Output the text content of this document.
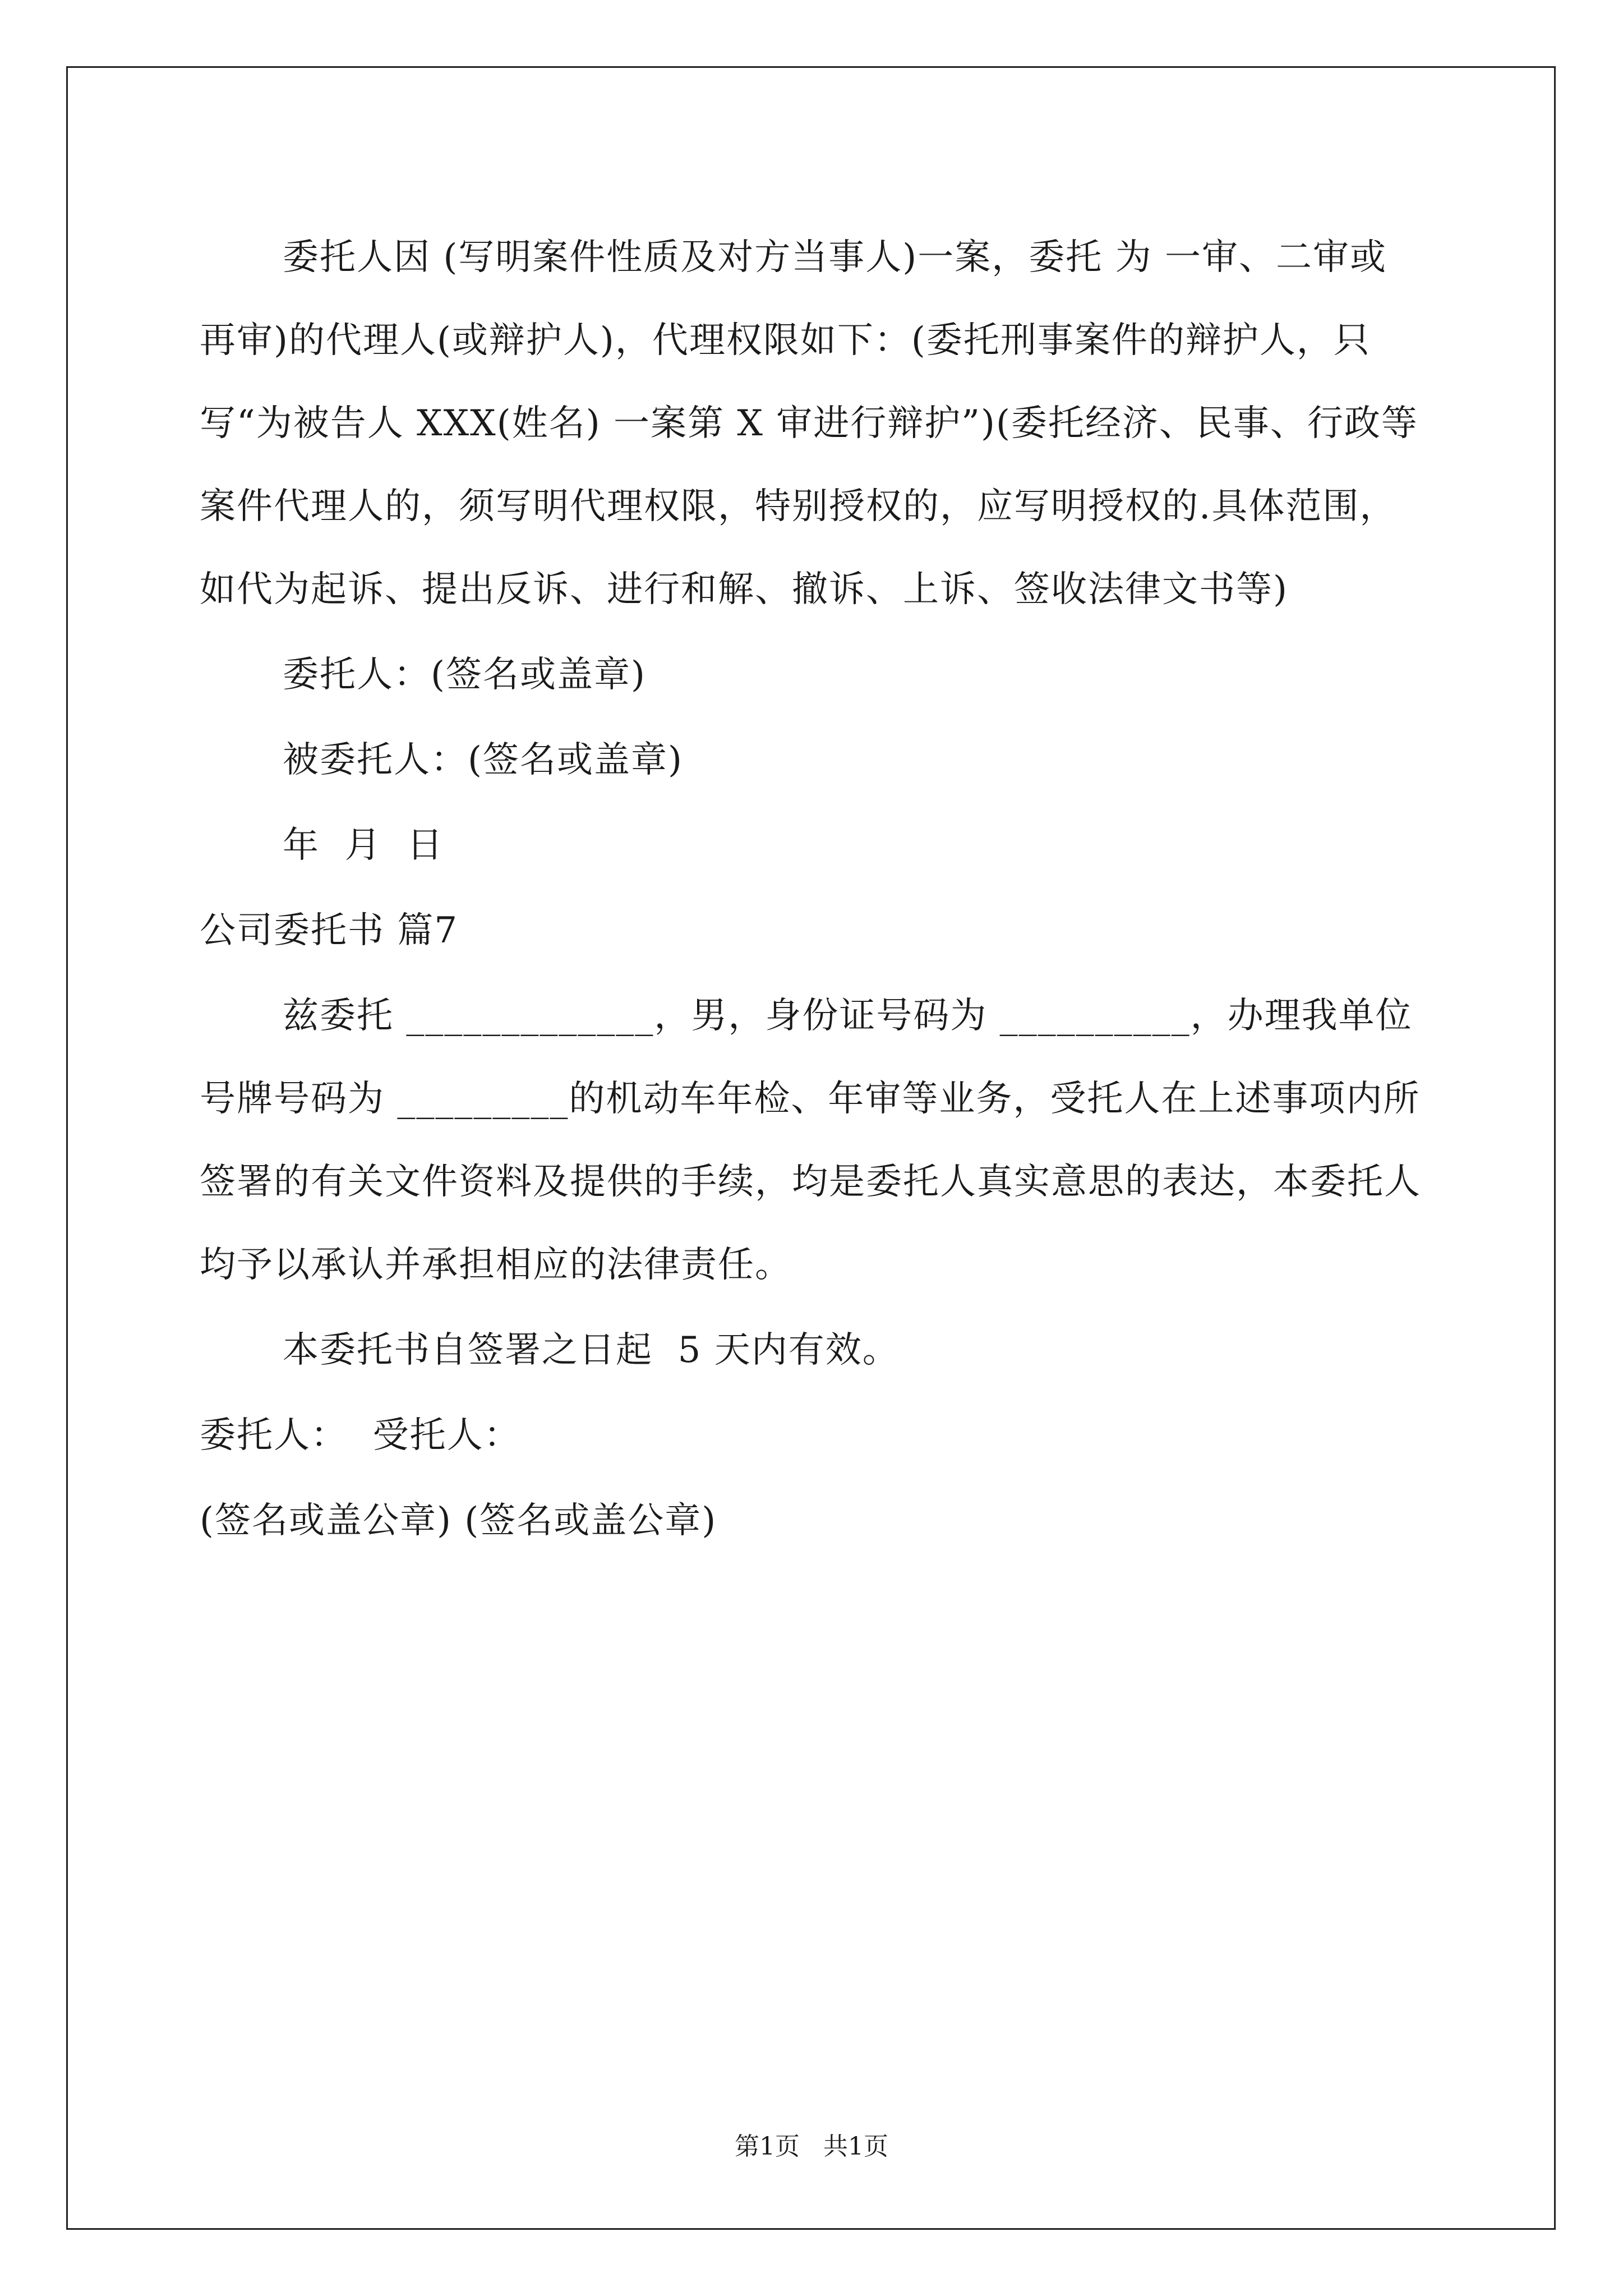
委托人因 (写明案件性质及对方当事人)一案，委托 为 一审、二审或再审)的代理人(或辩护人)，代理权限如下：(委托刑事案件的辩护人，只写“为被告人 XXX(姓名) 一案第 X 审进行辩护”)(委托经济、民事、行政等案件代理人的，须写明代理权限，特别授权的，应写明授权的.具体范围，如代为起诉、提出反诉、进行和解、撤诉、上诉、签收法律文书等)

委托人：(签名或盖章)

被委托人：(签名或盖章)

年  月  日

公司委托书 篇7

兹委托 _____________，男，身份证号码为 __________，办理我单位号牌号码为 _________的机动车年检、年审等业务，受托人在上述事项内所签署的有关文件资料及提供的手续，均是委托人真实意思的表达，本委托人均予以承认并承担相应的法律责任。

本委托书自签署之日起  5 天内有效。

委托人：  受托人：

(签名或盖公章) (签名或盖公章)

第1页   共1页
